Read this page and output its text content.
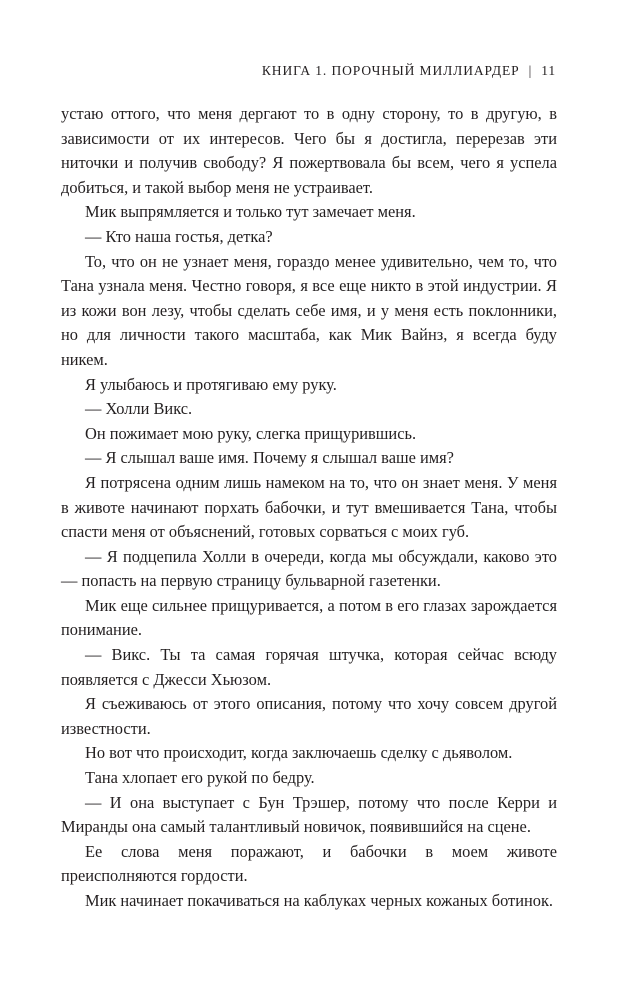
КНИГА 1. ПОРОЧНЫЙ МИЛЛИАРДЕР | 11

устаю оттого, что меня дергают то в одну сторону, то в другую, в зависимости от их интересов. Чего бы я достигла, перерезав эти ниточки и получив свободу? Я пожертвовала бы всем, чего я успела добиться, и такой выбор меня не устраивает.

Мик выпрямляется и только тут замечает меня.

— Кто наша гостья, детка?

То, что он не узнает меня, гораздо менее удивительно, чем то, что Тана узнала меня. Честно говоря, я все еще никто в этой индустрии. Я из кожи вон лезу, чтобы сделать себе имя, и у меня есть поклонники, но для личности такого масштаба, как Мик Вайнз, я всегда буду никем.

Я улыбаюсь и протягиваю ему руку.

— Холли Викс.

Он пожимает мою руку, слегка прищурившись.

— Я слышал ваше имя. Почему я слышал ваше имя?

Я потрясена одним лишь намеком на то, что он знает меня. У меня в животе начинают порхать бабочки, и тут вмешивается Тана, чтобы спасти меня от объяснений, готовых сорваться с моих губ.

— Я подцепила Холли в очереди, когда мы обсуждали, каково это — попасть на первую страницу бульварной газетенки.

Мик еще сильнее прищуривается, а потом в его глазах зарождается понимание.

— Викс. Ты та самая горячая штучка, которая сейчас всюду появляется с Джесси Хьюзом.

Я съеживаюсь от этого описания, потому что хочу совсем другой известности.

Но вот что происходит, когда заключаешь сделку с дьяволом.

Тана хлопает его рукой по бедру.

— И она выступает с Бун Трэшер, потому что после Керри и Миранды она самый талантливый новичок, появившийся на сцене.

Ее слова меня поражают, и бабочки в моем животе преисполняются гордости.

Мик начинает покачиваться на каблуках черных кожаных ботинок.
